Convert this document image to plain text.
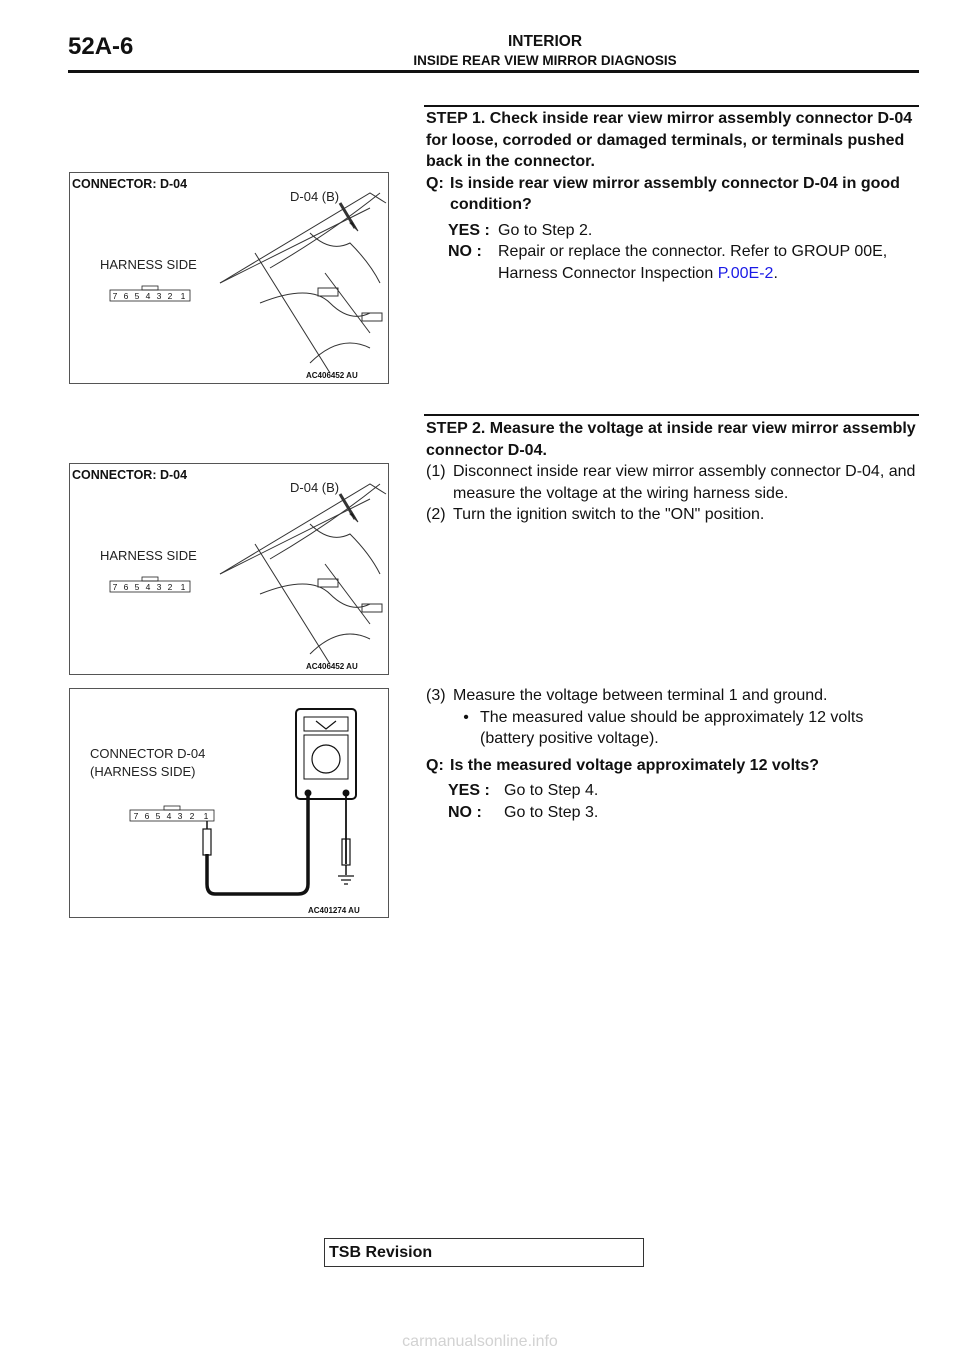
52A-6	INTERIOR
INSIDE REAR VIEW MIRROR DIAGNOSIS
CONNECTOR: D-04
D-04 (B)
HARNESS SIDE
7 6 5 4 3 2 1
AC406452 AU
CONNECTOR: D-04
D-04 (B)
HARNESS SIDE
7 6 5 4 3 2 1
AC406452 AU
CONNECTOR D-04
(HARNESS SIDE)
7 6 5 4 3 2 1
AC401274 AU
STEP 1. Check inside rear view mirror assembly connector D-04 for loose, corroded or damaged terminals, or terminals pushed back in the connector.
Q: Is inside rear view mirror assembly connector D-04 in good condition?
YES : Go to Step 2.
NO :	Repair or replace the connector. Refer to GROUP 00E, Harness Connector Inspection P.00E-2.
STEP 2. Measure the voltage at inside rear view mirror assembly connector D-04.
(1) Disconnect inside rear view mirror assembly connector D-04, and measure the voltage at the wiring harness side.
(2) Turn the ignition switch to the "ON" position.
(3) Measure the voltage between terminal 1 and ground.
• The measured value should be approximately 12 volts (battery positive voltage).
Q: Is the measured voltage approximately 12 volts?
YES : Go to Step 4.
NO :	Go to Step 3.
TSB Revision
carmanualsonline.info
